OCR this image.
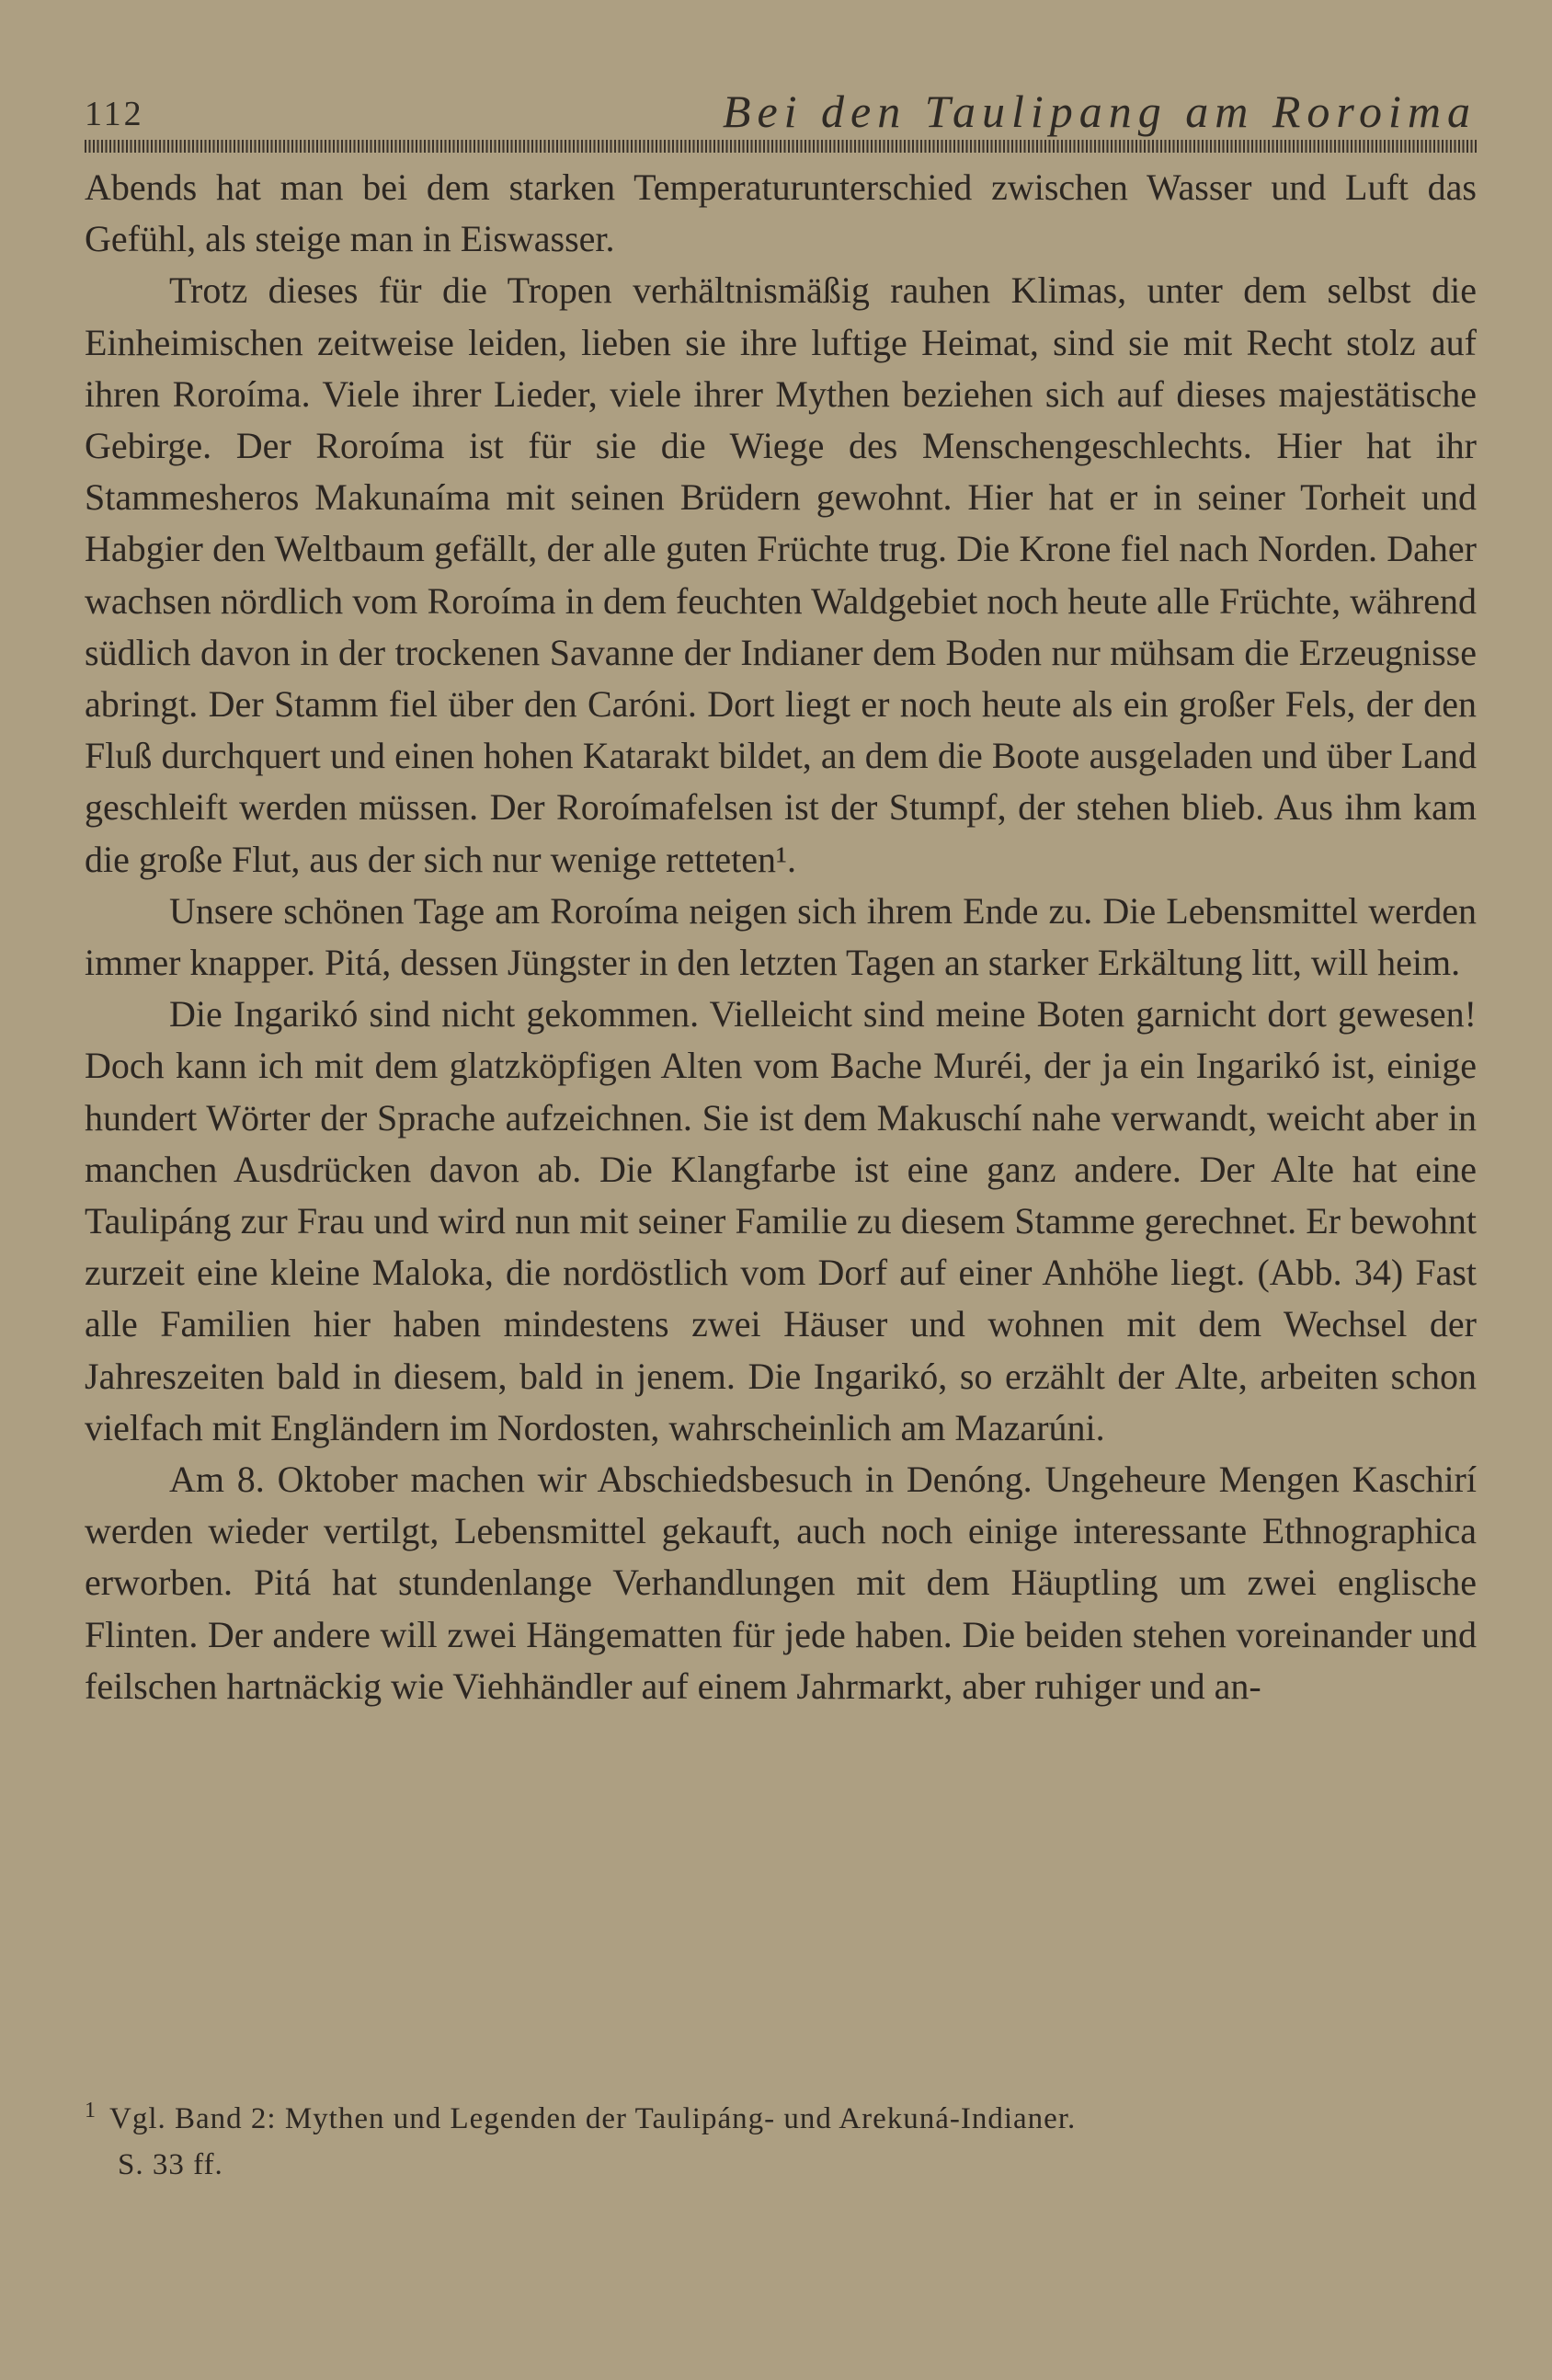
112	Bei den Taulipang am Roroima

Abends hat man bei dem starken Temperaturunterschied zwischen Wasser und Luft das Gefühl, als steige man in Eiswasser.

Trotz dieses für die Tropen verhältnismäßig rauhen Klimas, unter dem selbst die Einheimischen zeitweise leiden, lieben sie ihre luftige Heimat, sind sie mit Recht stolz auf ihren Roroíma. Viele ihrer Lieder, viele ihrer Mythen beziehen sich auf dieses majestätische Gebirge. Der Roroíma ist für sie die Wiege des Menschengeschlechts. Hier hat ihr Stammesheros Makunaíma mit seinen Brüdern gewohnt. Hier hat er in seiner Torheit und Habgier den Weltbaum gefällt, der alle guten Früchte trug. Die Krone fiel nach Norden. Daher wachsen nördlich vom Roroíma in dem feuchten Waldgebiet noch heute alle Früchte, während südlich davon in der trockenen Savanne der Indianer dem Boden nur mühsam die Erzeugnisse abringt. Der Stamm fiel über den Caróni. Dort liegt er noch heute als ein großer Fels, der den Fluß durchquert und einen hohen Katarakt bildet, an dem die Boote ausgeladen und über Land geschleift werden müssen. Der Roroímafelsen ist der Stumpf, der stehen blieb. Aus ihm kam die große Flut, aus der sich nur wenige retteten¹.

Unsere schönen Tage am Roroíma neigen sich ihrem Ende zu. Die Lebensmittel werden immer knapper. Pitá, dessen Jüngster in den letzten Tagen an starker Erkältung litt, will heim.

Die Ingarikó sind nicht gekommen. Vielleicht sind meine Boten garnicht dort gewesen! Doch kann ich mit dem glatzköpfigen Alten vom Bache Muréi, der ja ein Ingarikó ist, einige hundert Wörter der Sprache aufzeichnen. Sie ist dem Makuschí nahe verwandt, weicht aber in manchen Ausdrücken davon ab. Die Klangfarbe ist eine ganz andere. Der Alte hat eine Taulipáng zur Frau und wird nun mit seiner Familie zu diesem Stamme gerechnet. Er bewohnt zurzeit eine kleine Maloka, die nordöstlich vom Dorf auf einer Anhöhe liegt. (Abb. 34) Fast alle Familien hier haben mindestens zwei Häuser und wohnen mit dem Wechsel der Jahreszeiten bald in diesem, bald in jenem. Die Ingarikó, so erzählt der Alte, arbeiten schon vielfach mit Engländern im Nordosten, wahrscheinlich am Mazarúni.

Am 8. Oktober machen wir Abschiedsbesuch in Denóng. Ungeheure Mengen Kaschirí werden wieder vertilgt, Lebensmittel gekauft, auch noch einige interessante Ethnographica erworben. Pitá hat stundenlange Verhandlungen mit dem Häuptling um zwei englische Flinten. Der andere will zwei Hängematten für jede haben. Die beiden stehen voreinander und feilschen hartnäckig wie Viehhändler auf einem Jahrmarkt, aber ruhiger und an-

$^1$ Vgl. Band 2: Mythen und Legenden der Taulipáng- und Arekuná-Indianer.
S. 33 ff.
